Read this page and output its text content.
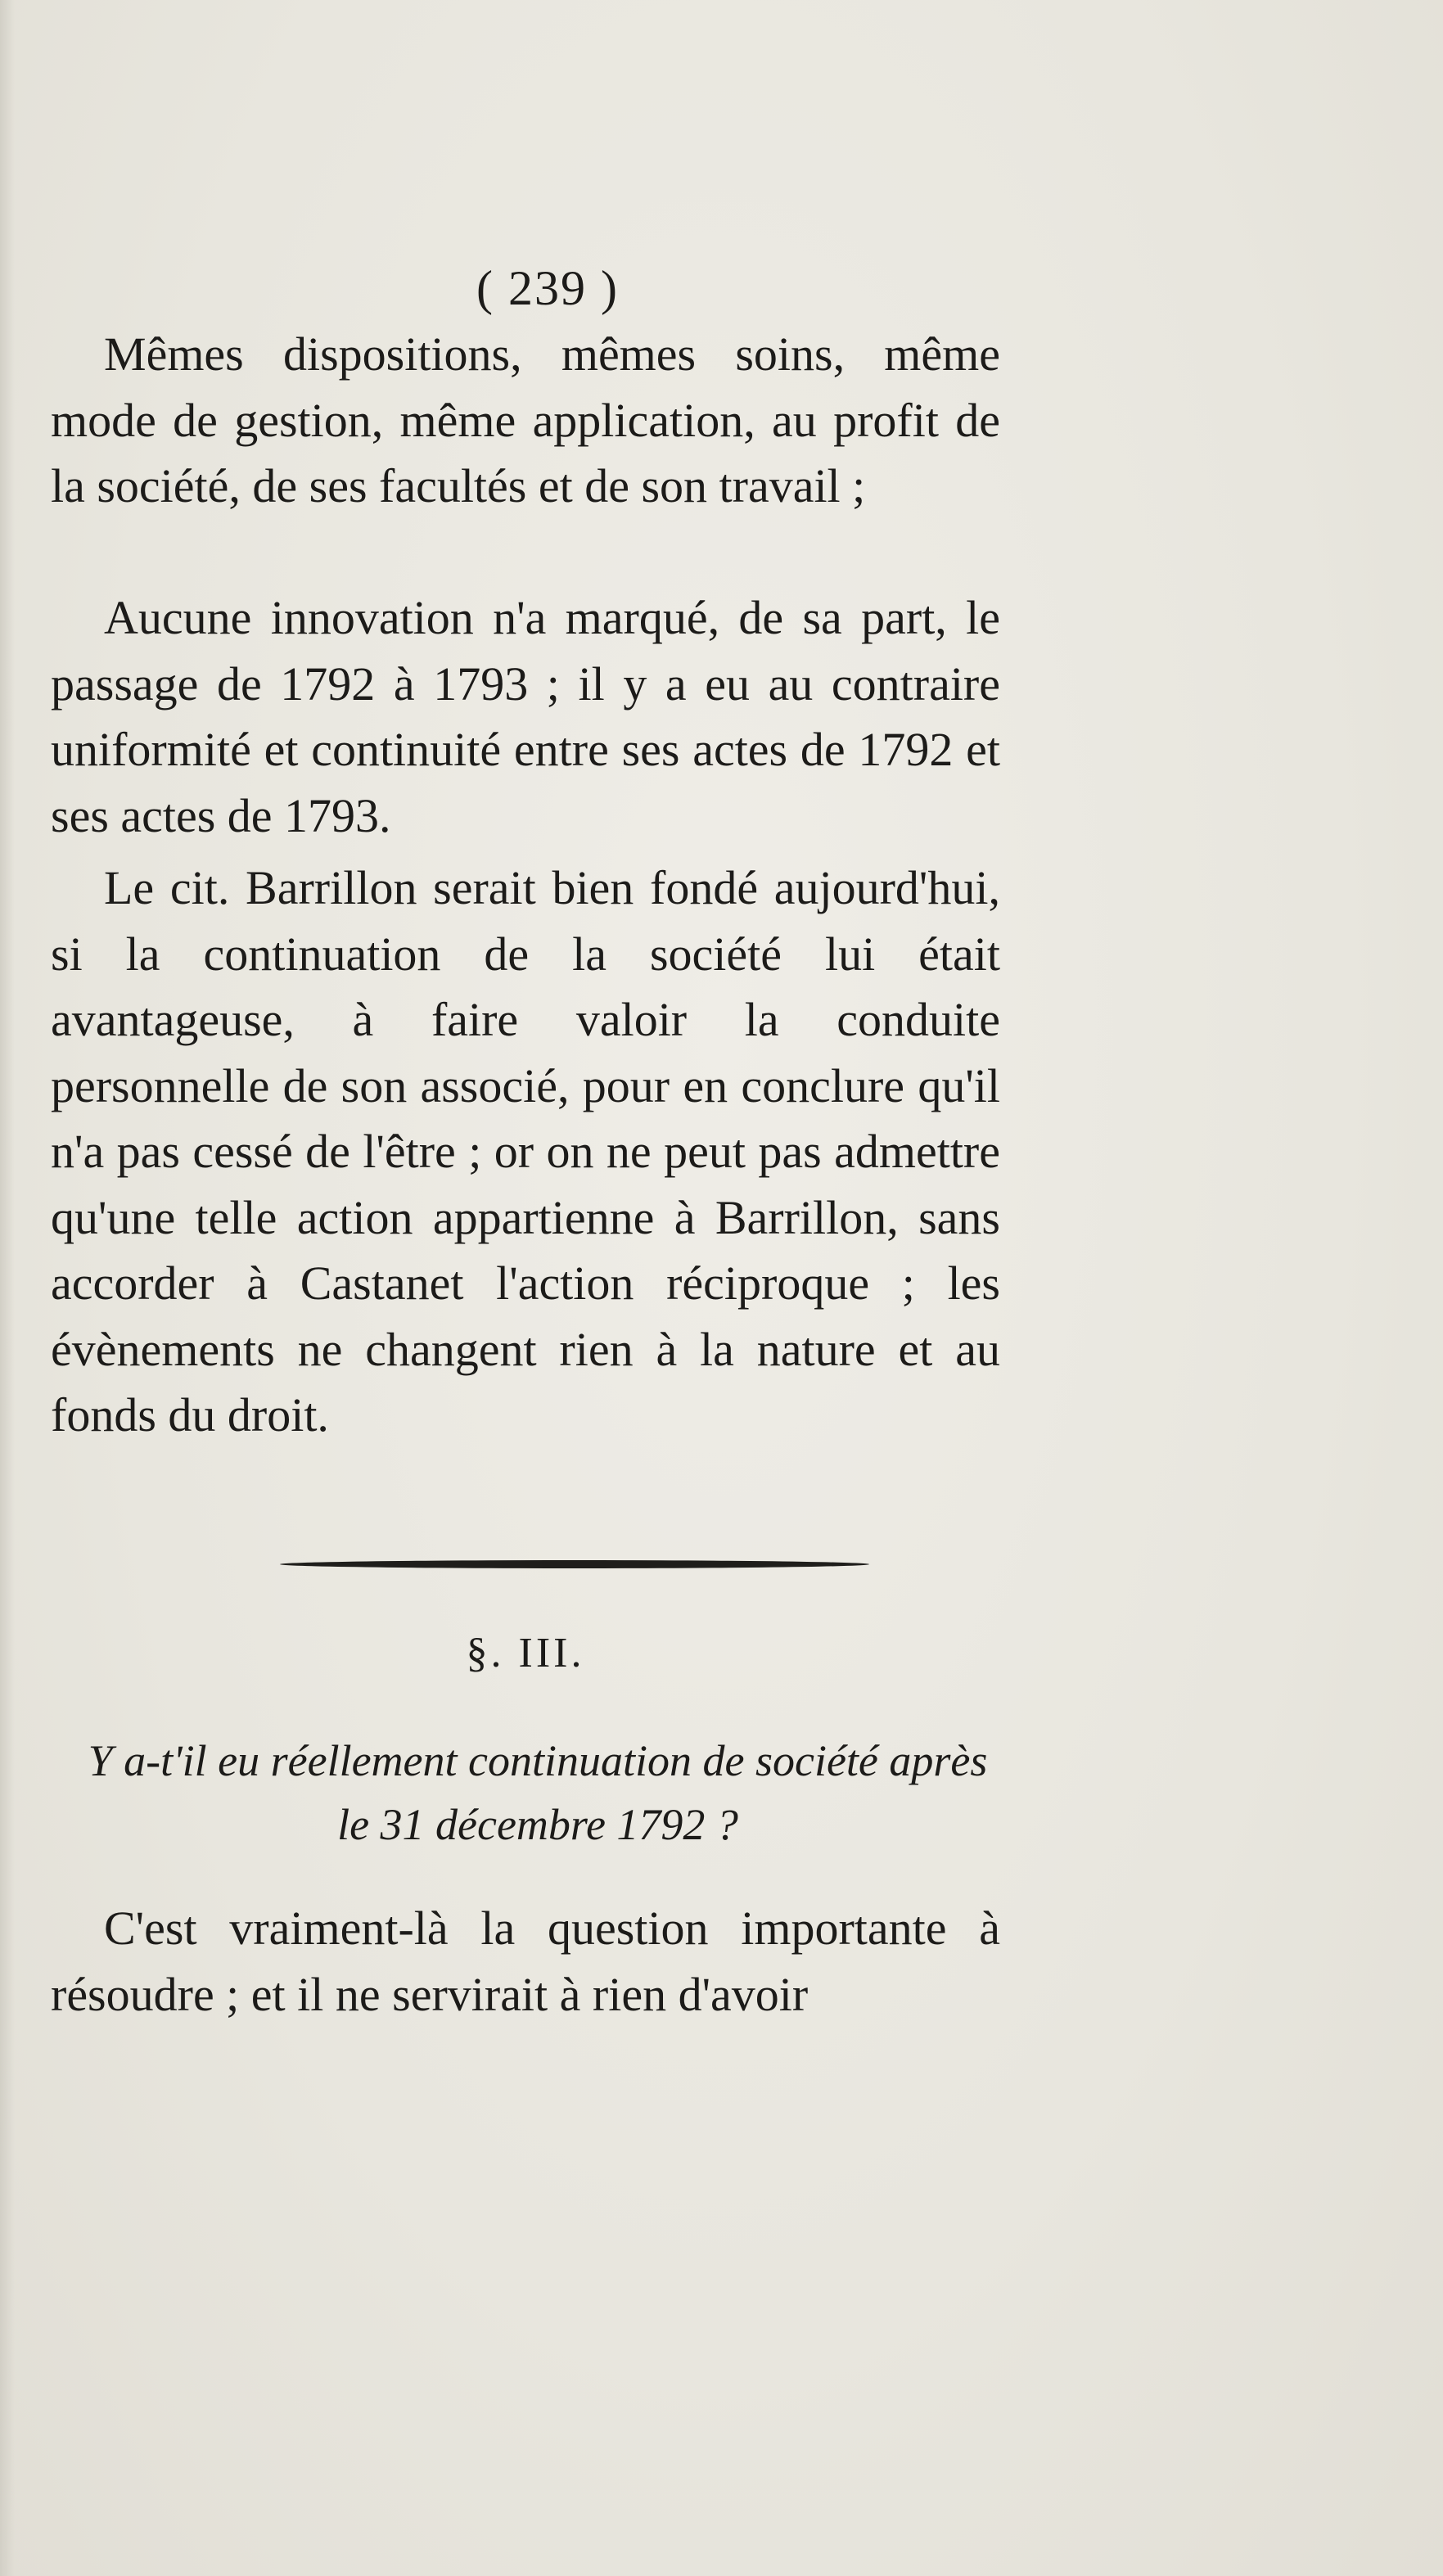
( 239 )

Mêmes dispositions, mêmes soins, même mode de gestion, même application, au profit de la société, de ses facultés et de son travail ;

Aucune innovation n'a marqué, de sa part, le passage de 1792 à 1793 ; il y a eu au contraire uniformité et continuité entre ses actes de 1792 et ses actes de 1793.

Le cit. Barrillon serait bien fondé aujourd'hui, si la continuation de la société lui était avantageuse, à faire valoir la conduite personnelle de son associé, pour en conclure qu'il n'a pas cessé de l'être ; or on ne peut pas admettre qu'une telle action appartienne à Barrillon, sans accorder à Castanet l'action réciproque ; les évènements ne changent rien à la nature et au fonds du droit.

§. III.

Y a-t'il eu réellement continuation de société après le 31 décembre 1792 ?

C'est vraiment-là la question importante à résoudre ; et il ne servirait à rien d'avoir
